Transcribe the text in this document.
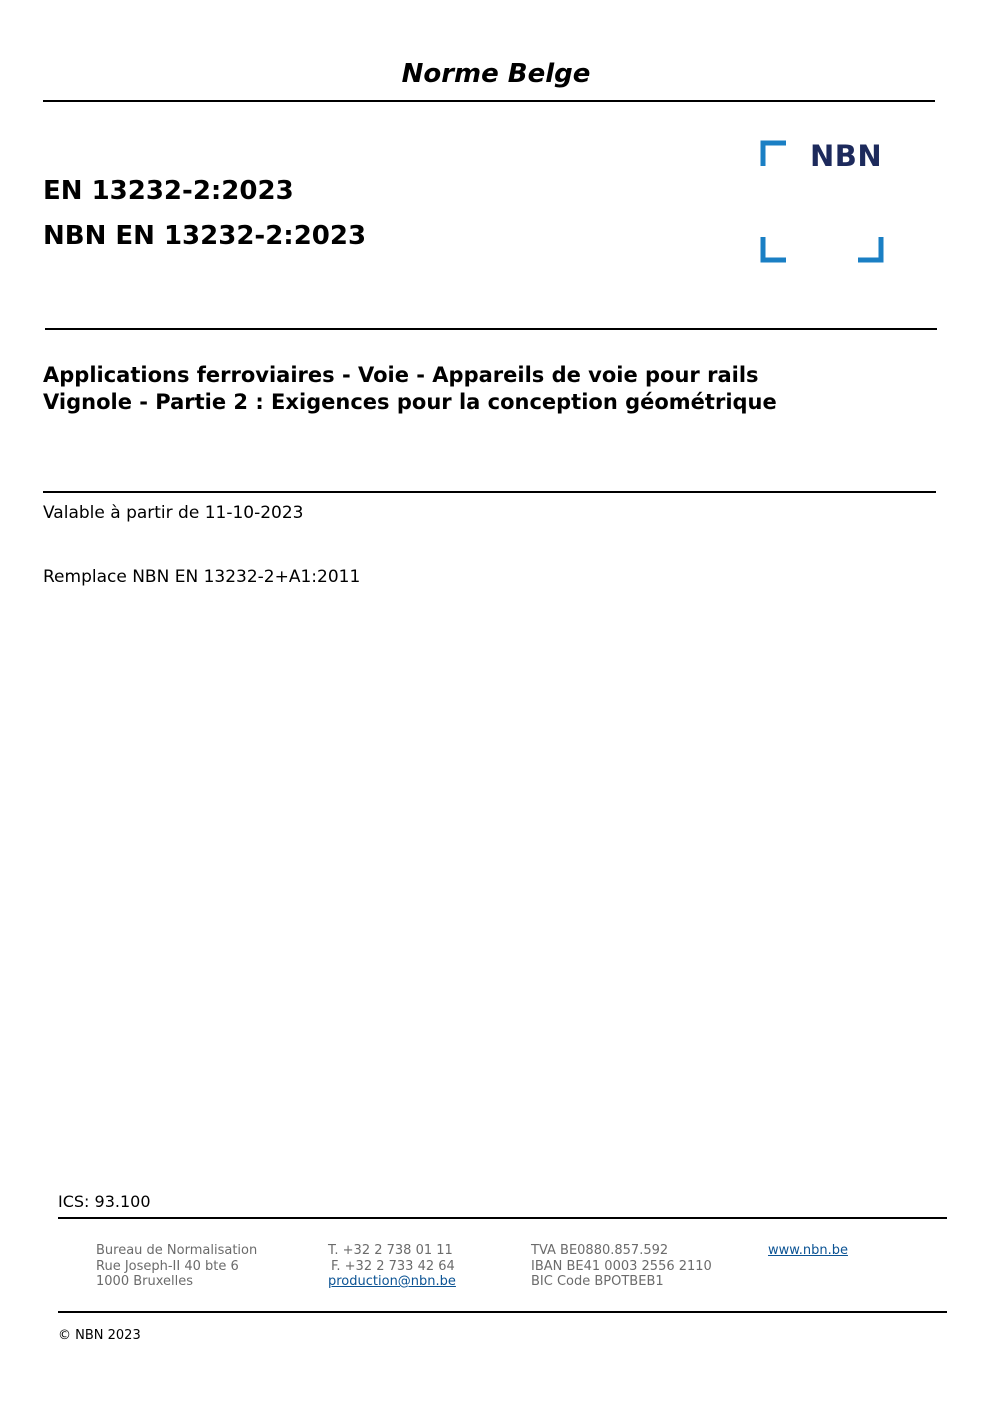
Norme Belge
EN 13232-2:2023
NBN EN 13232-2:2023
NBN
Applications ferroviaires - Voie - Appareils de voie pour rails
Vignole - Partie 2 : Exigences pour la conception géométrique
Valable à partir de 11-10-2023
Remplace NBN EN 13232-2+A1:2011
ICS: 93.100
Bureau de Normalisation
Rue Joseph-II 40 bte 6
1000 Bruxelles
T. +32 2 738 01 11
F. +32 2 733 42 64
production@nbn.be
TVA BE0880.857.592
IBAN BE41 0003 2556 2110
BIC Code BPOTBEB1
www.nbn.be
© NBN 2023
